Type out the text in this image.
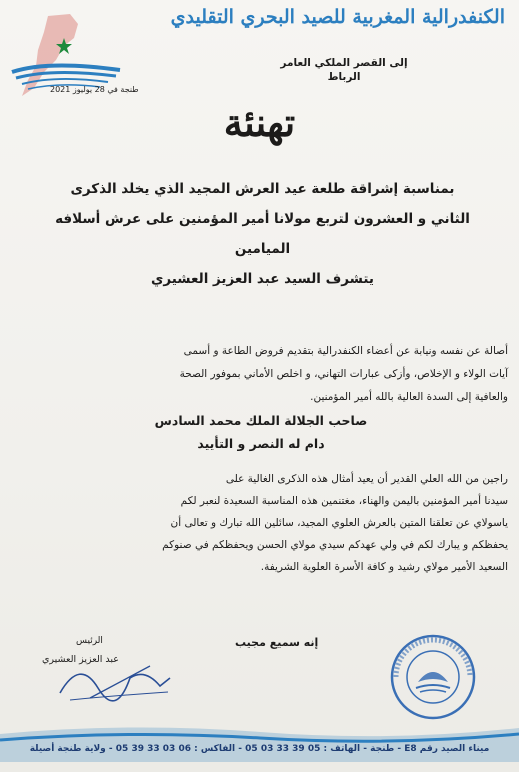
الكنفدرالية المغربية للصيد البحري التقليدي
إلى القصر الملكي العامر
الرباط
طنجة في 28 يوليوز 2021
تهنئة
بمناسبة إشراقة طلعة عيد العرش المجيد الذي يخلد الذكرى
الثاني و العشرون لتربع مولانا أمير المؤمنين على عرش أسلافه
الميامين
يتشرف السيد عبد العزيز العشيري
أصالة عن نفسه ونيابة عن أعضاء الكنفدرالية بتقديم فروض الطاعة و أسمى
آيات الولاء و الإخلاص، وأزكى عبارات التهاني، و اخلص الأماني بموفور الصحة
والعافية إلى السدة العالية بالله أمير المؤمنين.
صاحب الجلالة الملك محمد السادس
دام له النصر و التأييد
راجين من الله العلي القدير أن يعيد أمثال هذه الذكرى الغالية على
سيدنا أمير المؤمنين باليمن والهناء، مغتنمين هذه المناسبة السعيدة لنعبر لكم
ياسولاي عن تعلقنا المتين بالعرش العلوي المجيد، سائلين الله تبارك و تعالى أن
يحفظكم و يبارك لكم في ولي عهدكم سيدي مولاي الحسن ويحفظكم في صنوكم
السعيد الأمير مولاي رشيد و كافة الأسرة العلوية الشريفة.
إنه سميع مجيب
الرئيس
عبد العزيز العشيري
ميناء الصيد رقم E8 - طنجة - الهاتف : 05 39 33 03 05 - الفاكس : 06 03 33 39 05 - ولاية طنجة أصيلة
